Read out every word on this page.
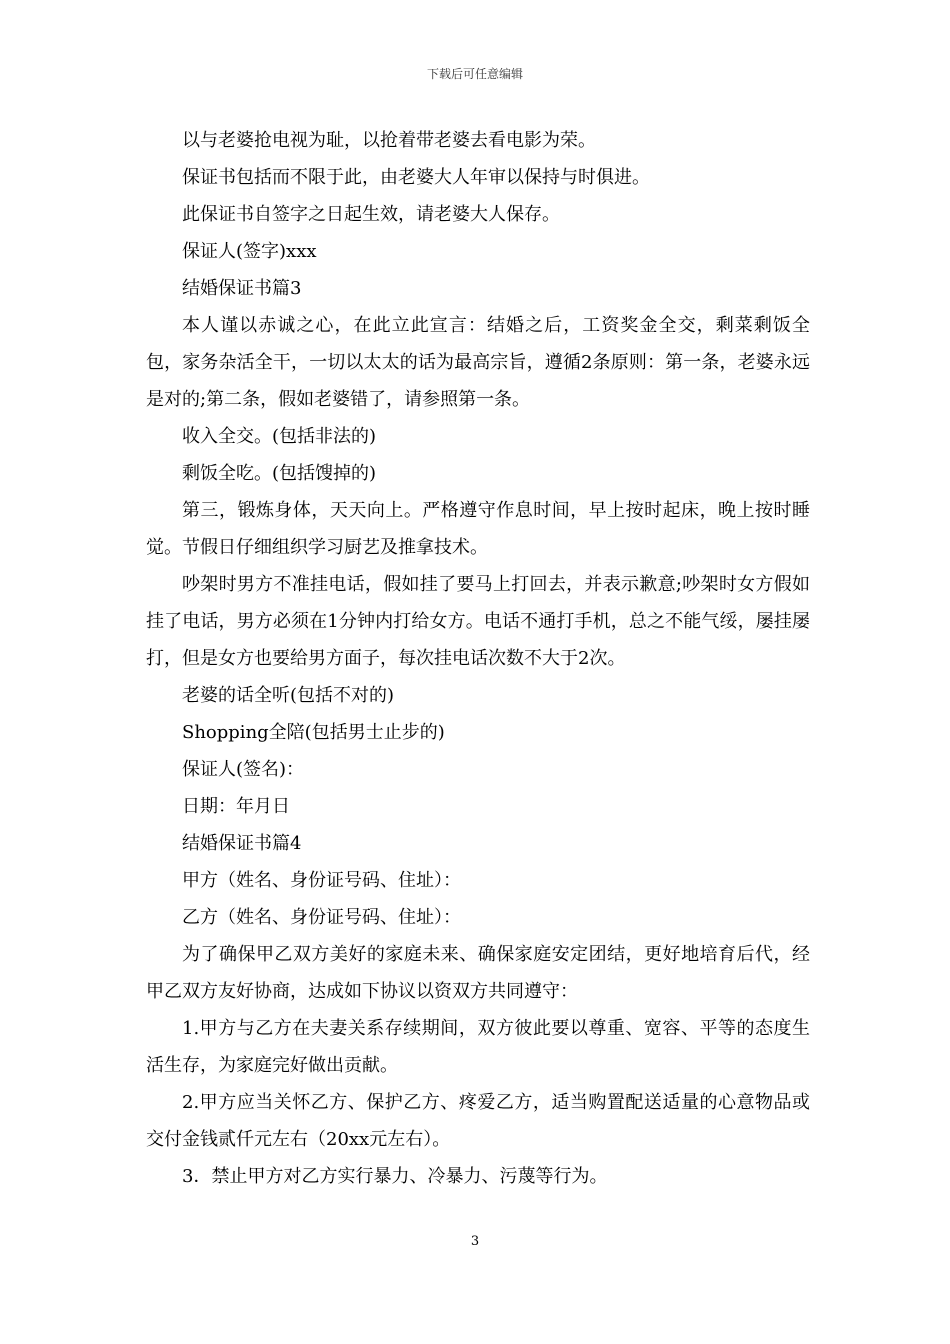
下载后可任意编辑

以与老婆抢电视为耻，以抢着带老婆去看电影为荣。

保证书包括而不限于此，由老婆大人年审以保持与时俱进。

此保证书自签字之日起生效，请老婆大人保存。

保证人(签字)xxx

结婚保证书篇3

本人谨以赤诚之心，在此立此宣言：结婚之后，工资奖金全交，剩菜剩饭全包，家务杂活全干，一切以太太的话为最高宗旨，遵循2条原则：第一条，老婆永远是对的;第二条，假如老婆错了，请参照第一条。

收入全交。(包括非法的)

剩饭全吃。(包括馊掉的)

第三，锻炼身体，天天向上。严格遵守作息时间，早上按时起床，晚上按时睡觉。节假日仔细组织学习厨艺及推拿技术。

吵架时男方不准挂电话，假如挂了要马上打回去，并表示歉意;吵架时女方假如挂了电话，男方必须在1分钟内打给女方。电话不通打手机，总之不能气绥，屡挂屡打，但是女方也要给男方面子，每次挂电话次数不大于2次。

老婆的话全听(包括不对的)

Shopping全陪(包括男士止步的)

保证人(签名)：

日期：年月日

结婚保证书篇4

甲方（姓名、身份证号码、住址）：

乙方（姓名、身份证号码、住址）：

为了确保甲乙双方美好的家庭未来、确保家庭安定团结，更好地培育后代，经甲乙双方友好协商，达成如下协议以资双方共同遵守：

1.甲方与乙方在夫妻关系存续期间，双方彼此要以尊重、宽容、平等的态度生活生存，为家庭完好做出贡献。

2.甲方应当关怀乙方、保护乙方、疼爱乙方，适当购置配送适量的心意物品或交付金钱贰仟元左右（20xx元左右）。

3．禁止甲方对乙方实行暴力、冷暴力、污蔑等行为。

3
